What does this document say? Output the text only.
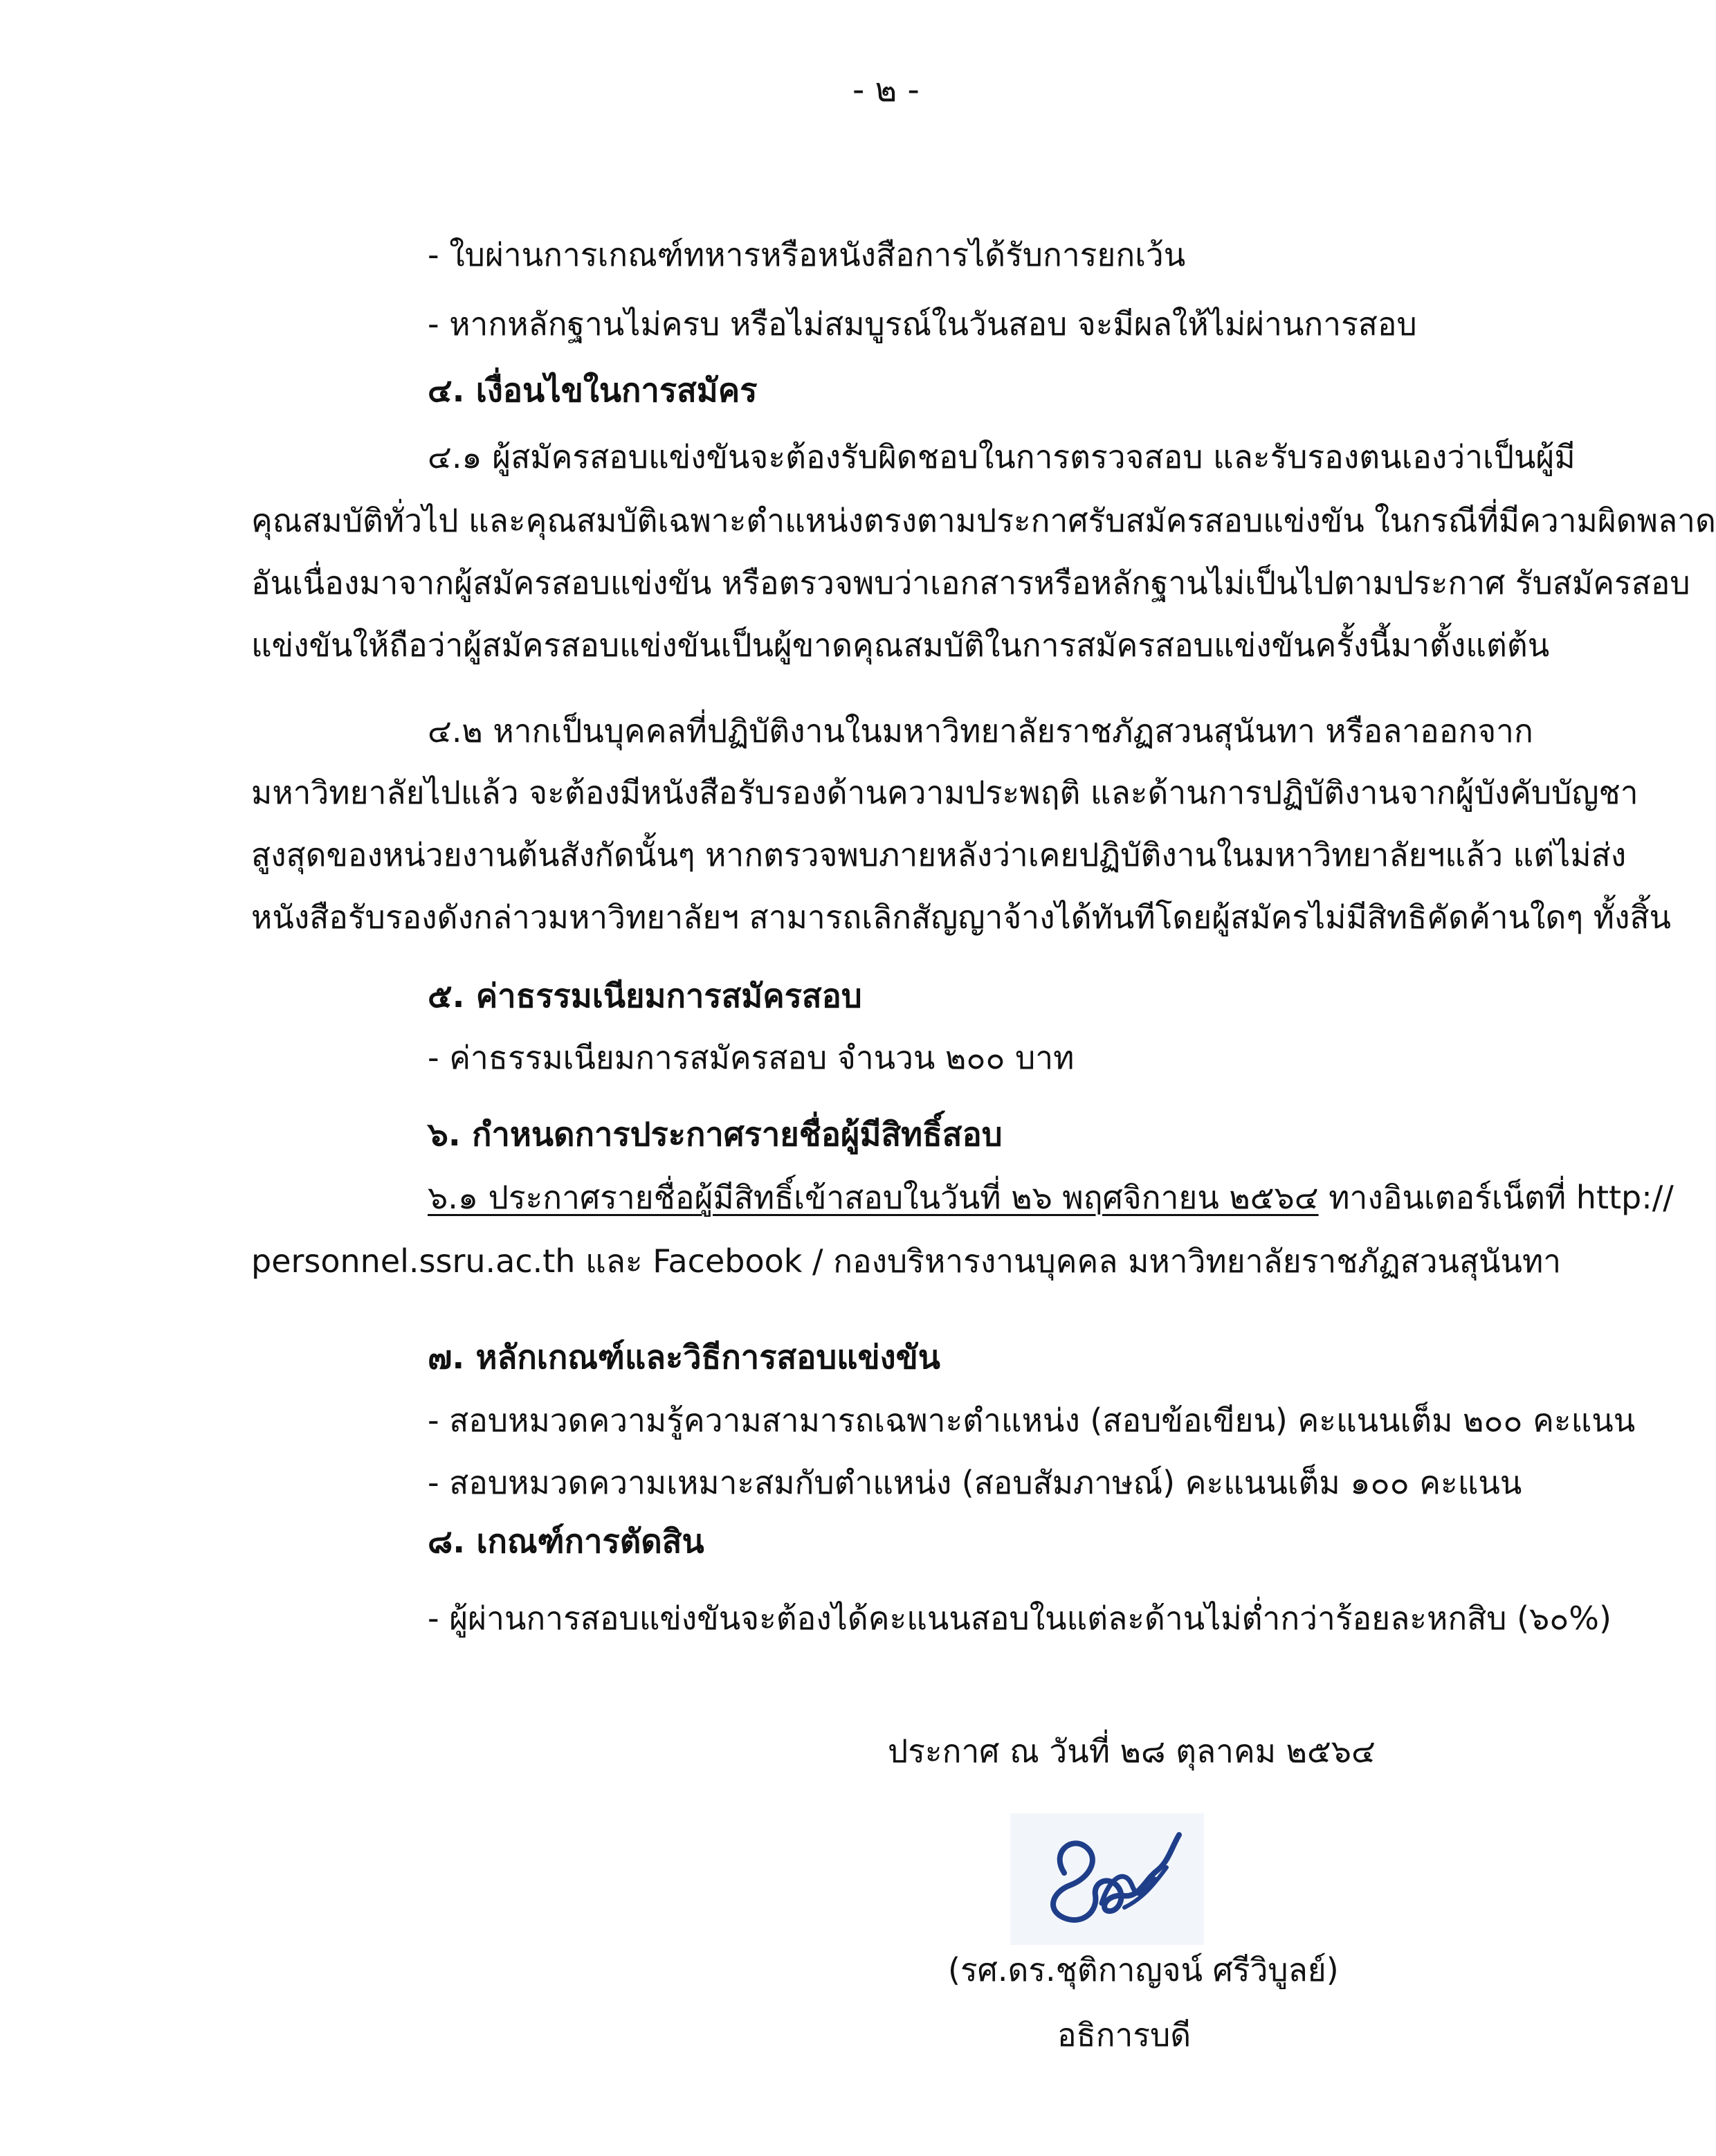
- ๒ -
- ใบผ่านการเกณฑ์ทหารหรือหนังสือการได้รับการยกเว้น
- หากหลักฐานไม่ครบ หรือไม่สมบูรณ์ในวันสอบ จะมีผลให้ไม่ผ่านการสอบ
๔. เงื่อนไขในการสมัคร
๔.๑ ผู้สมัครสอบแข่งขันจะต้องรับผิดชอบในการตรวจสอบ และรับรองตนเองว่าเป็นผู้มี
คุณสมบัติทั่วไป และคุณสมบัติเฉพาะตำแหน่งตรงตามประกาศรับสมัครสอบแข่งขัน ในกรณีที่มีความผิดพลาด
อันเนื่องมาจากผู้สมัครสอบแข่งขัน หรือตรวจพบว่าเอกสารหรือหลักฐานไม่เป็นไปตามประกาศ รับสมัครสอบ
แข่งขันให้ถือว่าผู้สมัครสอบแข่งขันเป็นผู้ขาดคุณสมบัติในการสมัครสอบแข่งขันครั้งนี้มาตั้งแต่ต้น
๔.๒ หากเป็นบุคคลที่ปฏิบัติงานในมหาวิทยาลัยราชภัฏสวนสุนันทา หรือลาออกจาก
มหาวิทยาลัยไปแล้ว จะต้องมีหนังสือรับรองด้านความประพฤติ และด้านการปฏิบัติงานจากผู้บังคับบัญชา
สูงสุดของหน่วยงานต้นสังกัดนั้นๆ หากตรวจพบภายหลังว่าเคยปฏิบัติงานในมหาวิทยาลัยฯแล้ว แต่ไม่ส่ง
หนังสือรับรองดังกล่าวมหาวิทยาลัยฯ สามารถเลิกสัญญาจ้างได้ทันทีโดยผู้สมัครไม่มีสิทธิคัดค้านใดๆ ทั้งสิ้น
๕. ค่าธรรมเนียมการสมัครสอบ
- ค่าธรรมเนียมการสมัครสอบ จำนวน ๒๐๐ บาท
๖. กำหนดการประกาศรายชื่อผู้มีสิทธิ์สอบ
๖.๑ ประกาศรายชื่อผู้มีสิทธิ์เข้าสอบในวันที่ ๒๖ พฤศจิกายน ๒๕๖๔ ทางอินเตอร์เน็ตที่ http://
personnel.ssru.ac.th และ Facebook / กองบริหารงานบุคคล มหาวิทยาลัยราชภัฏสวนสุนันทา
๗. หลักเกณฑ์และวิธีการสอบแข่งขัน
- สอบหมวดความรู้ความสามารถเฉพาะตำแหน่ง (สอบข้อเขียน) คะแนนเต็ม ๒๐๐ คะแนน
- สอบหมวดความเหมาะสมกับตำแหน่ง (สอบสัมภาษณ์) คะแนนเต็ม ๑๐๐ คะแนน
๘. เกณฑ์การตัดสิน
- ผู้ผ่านการสอบแข่งขันจะต้องได้คะแนนสอบในแต่ละด้านไม่ต่ำกว่าร้อยละหกสิบ (๖๐%)
ประกาศ ณ วันที่ ๒๘ ตุลาคม ๒๕๖๔
(รศ.ดร.ชุติกาญจน์ ศรีวิบูลย์)
อธิการบดี
